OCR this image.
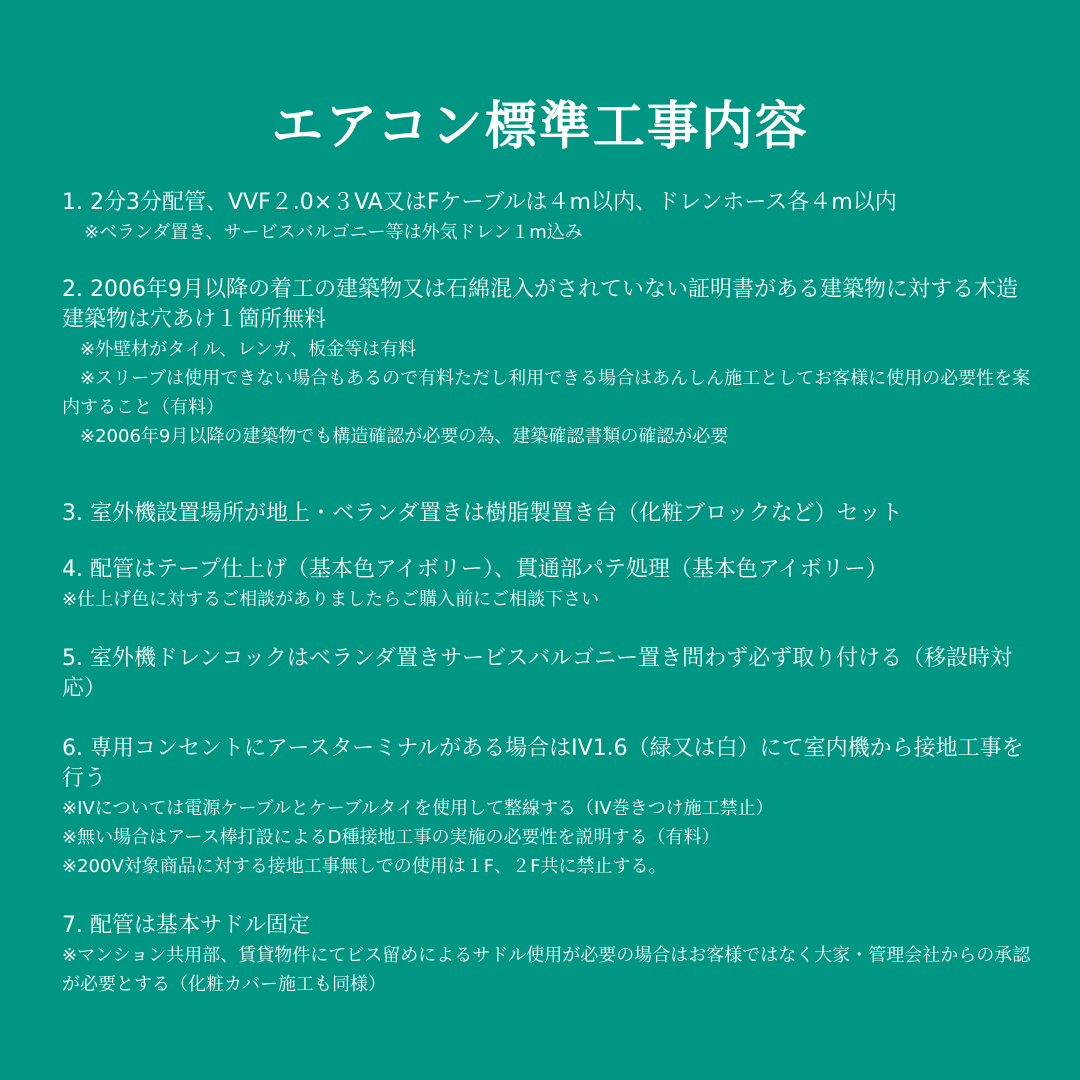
エアコン標準工事内容
1. 2分3分配管、VVF２.0×３VA又はFケーブルは４m以内、ドレンホース各４m以内
※ベランダ置き、サービスバルゴニー等は外気ドレン１m込み
2. 2006年9月以降の着工の建築物又は石綿混入がされていない証明書がある建築物に対する木造建築物は穴あけ１箇所無料
※外壁材がタイル、レンガ、板金等は有料
※スリーブは使用できない場合もあるので有料ただし利用できる場合はあんしん施工としてお客様に使用の必要性を案内すること（有料）
※2006年9月以降の建築物でも構造確認が必要の為、建築確認書類の確認が必要
3. 室外機設置場所が地上・ベランダ置きは樹脂製置き台（化粧ブロックなど）セット
4. 配管はテープ仕上げ（基本色アイボリー）、貫通部パテ処理（基本色アイボリー）
※仕上げ色に対するご相談がありましたらご購入前にご相談下さい
5. 室外機ドレンコックはベランダ置きサービスバルゴニー置き問わず必ず取り付ける（移設時対応）
6. 専用コンセントにアースターミナルがある場合はIV1.6（緑又は白）にて室内機から接地工事を行う
※IVについては電源ケーブルとケーブルタイを使用して整線する（IV巻きつけ施工禁止）
※無い場合はアース棒打設によるD種接地工事の実施の必要性を説明する（有料）
※200V対象商品に対する接地工事無しでの使用は１F、２F共に禁止する。
7. 配管は基本サドル固定
※マンション共用部、賃貸物件にてビス留めによるサドル使用が必要の場合はお客様ではなく大家・管理会社からの承認が必要とする（化粧カバー施工も同様）
